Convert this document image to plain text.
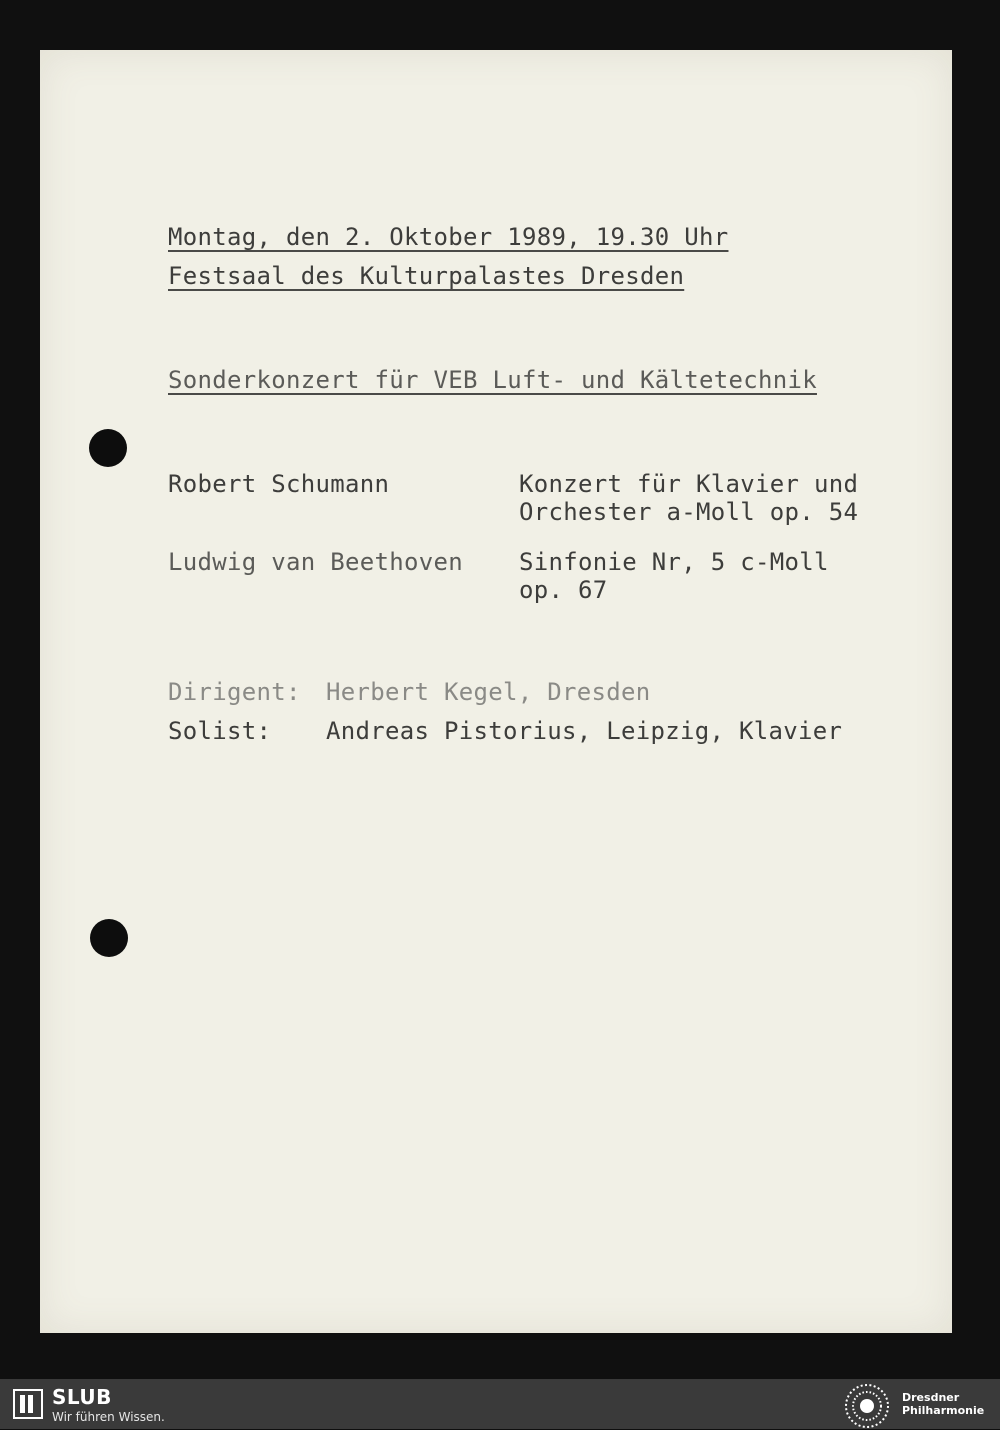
Montag, den 2. Oktober 1989, 19.30 Uhr
Festsaal des Kulturpalastes Dresden
Sonderkonzert für VEB Luft- und Kältetechnik
Robert Schumann	Konzert für Klavier und
Orchester a-Moll op. 54
Ludwig van Beethoven Sinfonie Nr, 5 c-Moll
op. 67
Dirigent: Herbert Kegel, Dresden
Solist: Andreas Pistorius, Leipzig, Klavier
SLUB
Wir führen Wissen.
Dresdner
Philharmonie
